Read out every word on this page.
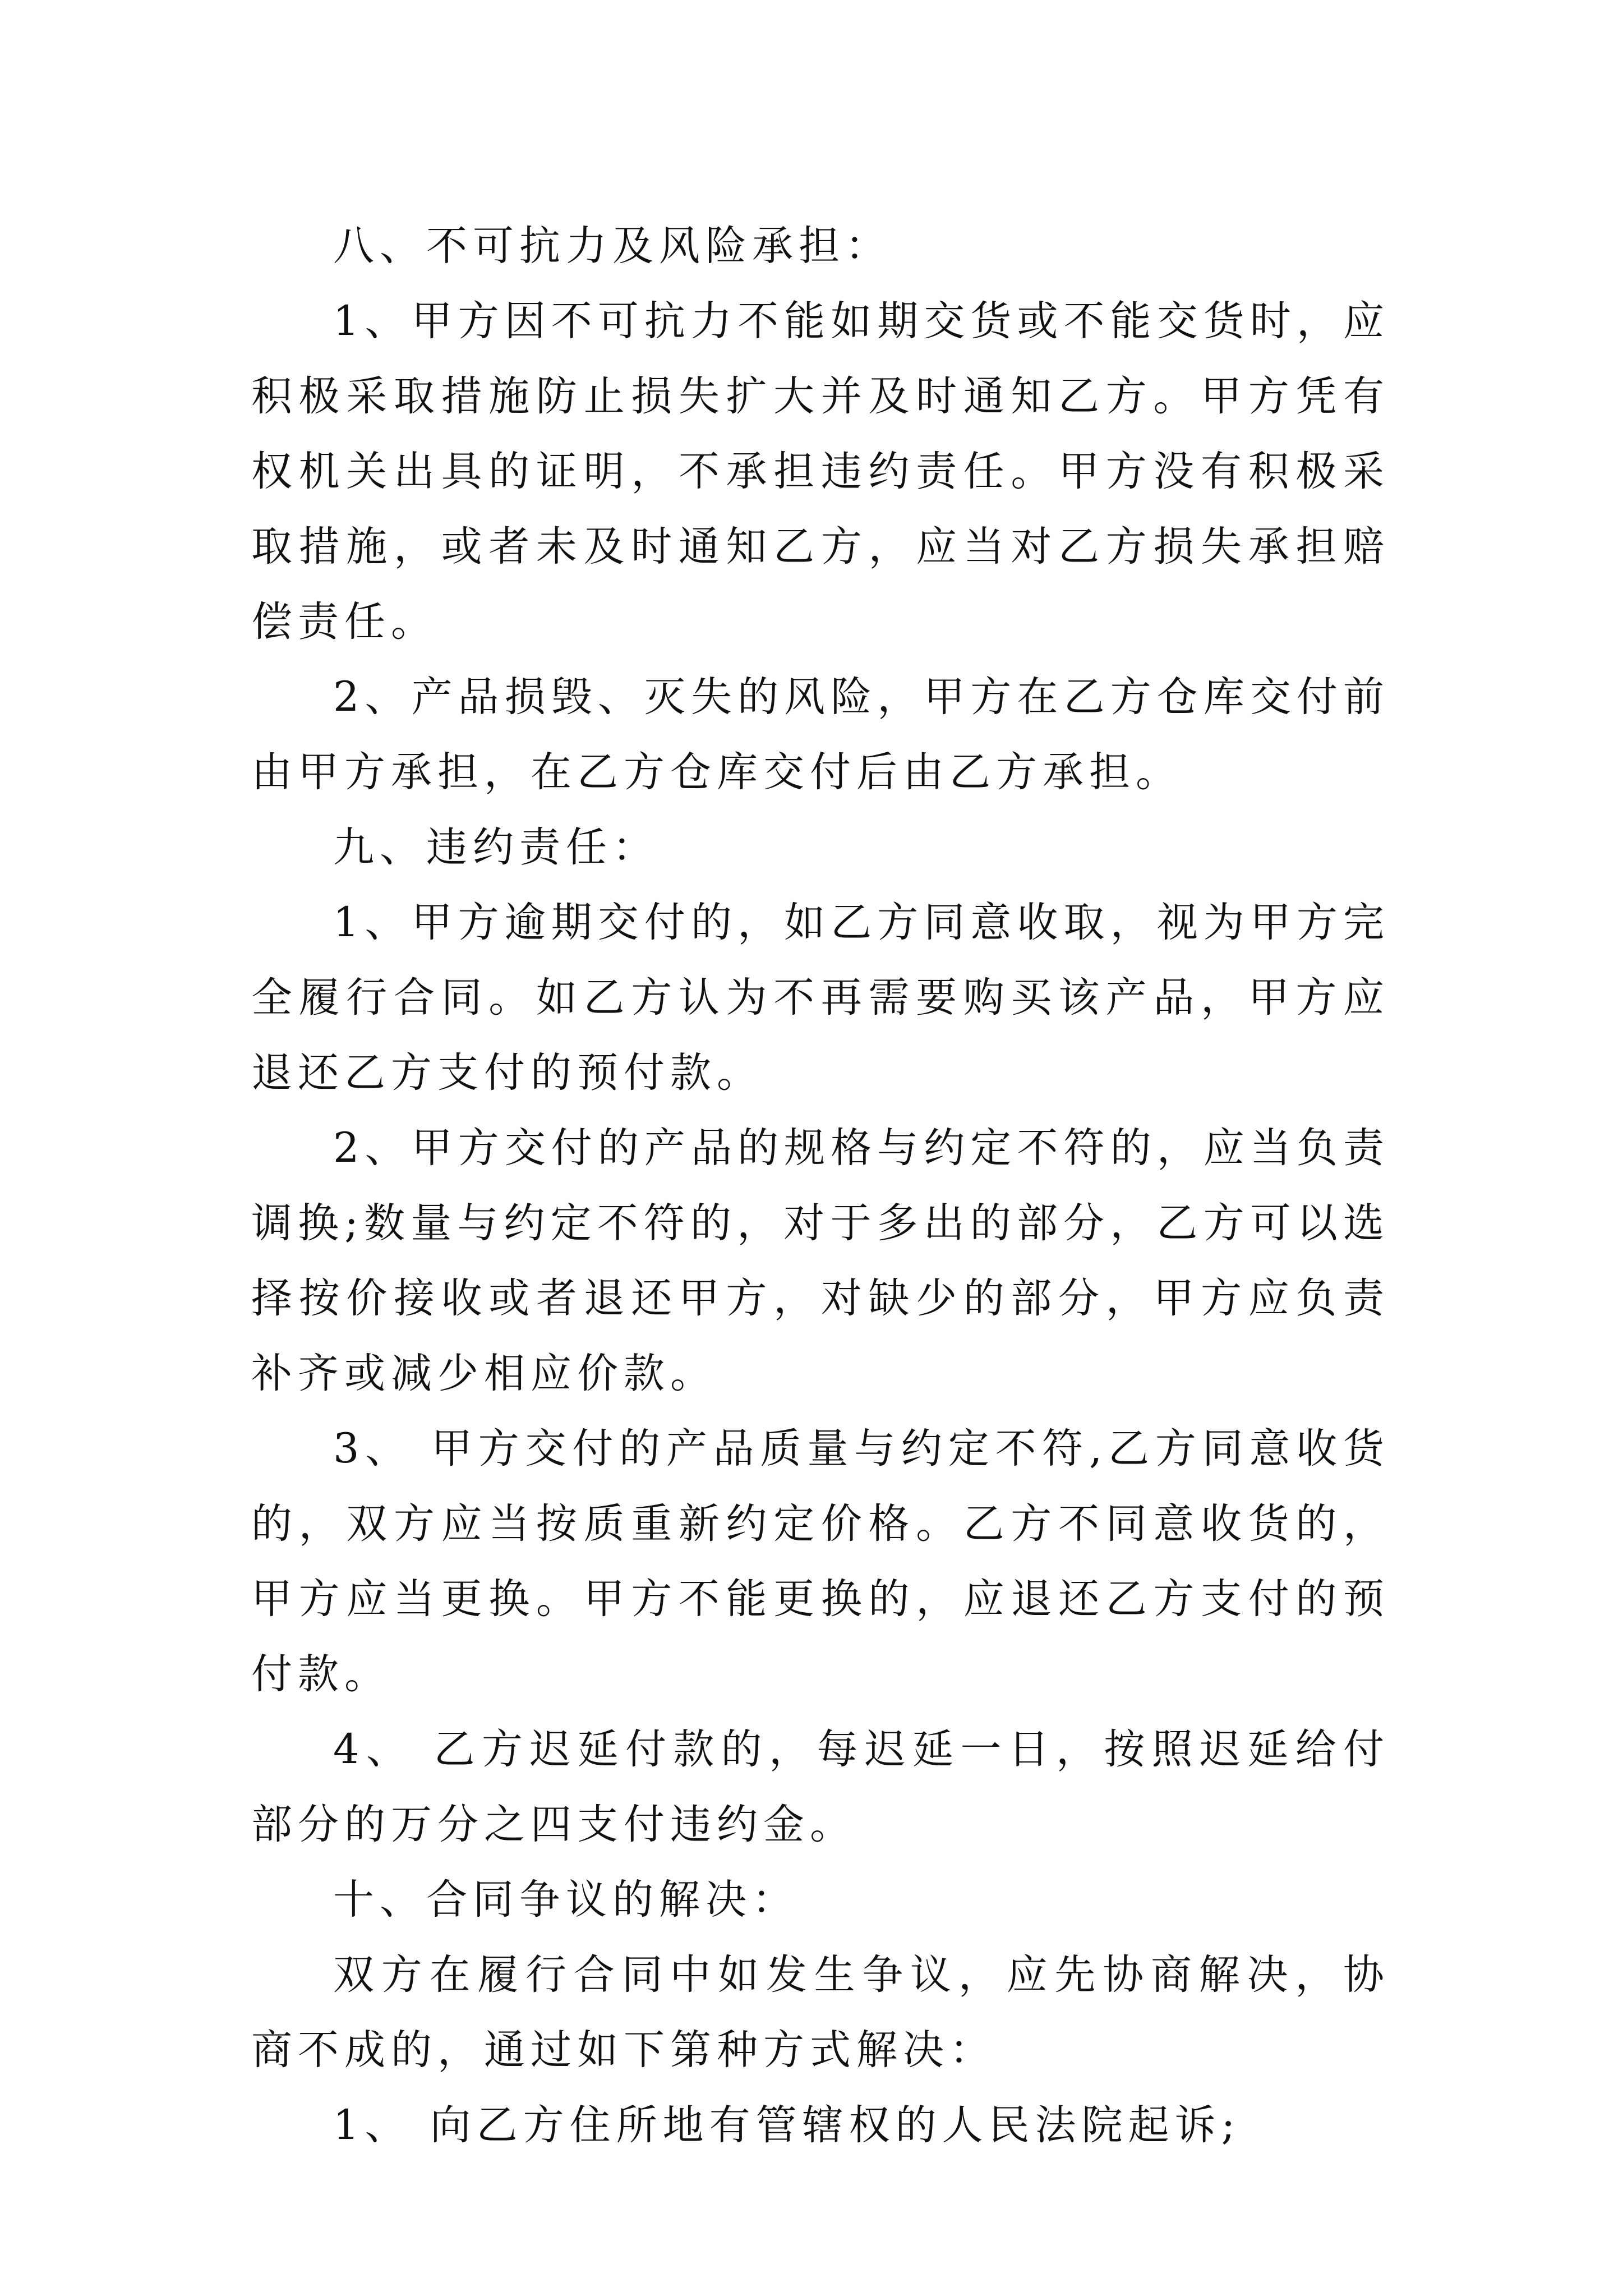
八、不可抗力及风险承担：

1、甲方因不可抗力不能如期交货或不能交货时，应积极采取措施防止损失扩大并及时通知乙方。甲方凭有权机关出具的证明，不承担违约责任。甲方没有积极采取措施，或者未及时通知乙方，应当对乙方损失承担赔偿责任。

2、产品损毁、灭失的风险，甲方在乙方仓库交付前由甲方承担，在乙方仓库交付后由乙方承担。

九、违约责任：

1、甲方逾期交付的，如乙方同意收取，视为甲方完全履行合同。如乙方认为不再需要购买该产品，甲方应退还乙方支付的预付款。

2、甲方交付的产品的规格与约定不符的，应当负责调换;数量与约定不符的，对于多出的部分，乙方可以选择按价接收或者退还甲方，对缺少的部分，甲方应负责补齐或减少相应价款。

3、 甲方交付的产品质量与约定不符,乙方同意收货的，双方应当按质重新约定价格。乙方不同意收货的，甲方应当更换。甲方不能更换的，应退还乙方支付的预付款。

4、 乙方迟延付款的，每迟延一日，按照迟延给付部分的万分之四支付违约金。

十、合同争议的解决：

双方在履行合同中如发生争议，应先协商解决，协商不成的，通过如下第种方式解决：

1、 向乙方住所地有管辖权的人民法院起诉;
